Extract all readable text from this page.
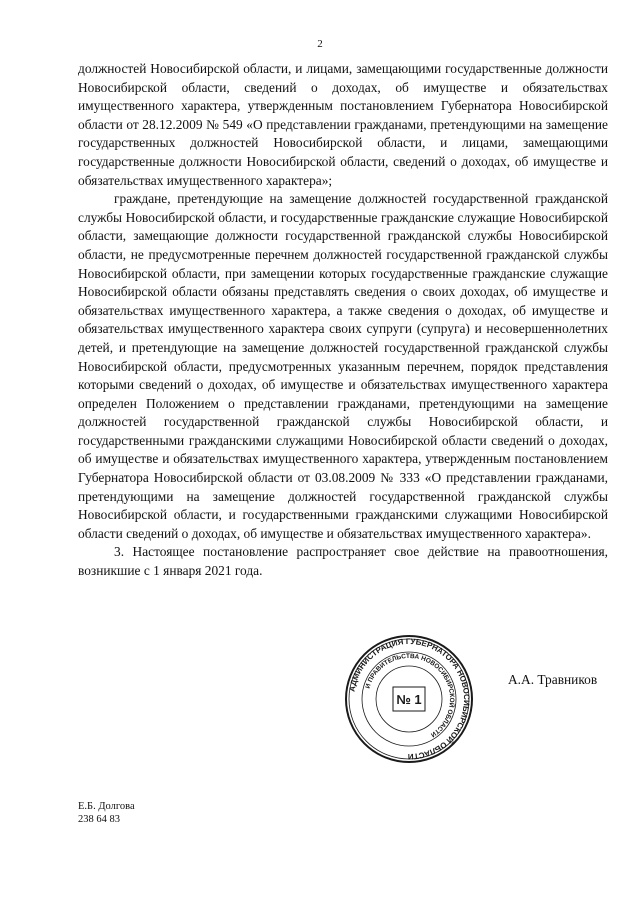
2

должностей Новосибирской области, и лицами, замещающими государственные должности Новосибирской области, сведений о доходах, об имуществе и обязательствах имущественного характера, утвержденным постановлением Губернатора Новосибирской области от 28.12.2009 № 549 «О представлении гражданами, претендующими на замещение государственных должностей Новосибирской области, и лицами, замещающими государственные должности Новосибирской области, сведений о доходах, об имуществе и обязательствах имущественного характера»;

граждане, претендующие на замещение должностей государственной гражданской службы Новосибирской области, и государственные гражданские служащие Новосибирской области, замещающие должности государственной гражданской службы Новосибирской области, не предусмотренные перечнем должностей государственной гражданской службы Новосибирской области, при замещении которых государственные гражданские служащие Новосибирской области обязаны представлять сведения о своих доходах, об имуществе и обязательствах имущественного характера, а также сведения о доходах, об имуществе и обязательствах имущественного характера своих супруги (супруга) и несовершеннолетних детей, и претендующие на замещение должностей государственной гражданской службы Новосибирской области, предусмотренных указанным перечнем, порядок представления которыми сведений о доходах, об имуществе и обязательствах имущественного характера определен Положением о представлении гражданами, претендующими на замещение должностей государственной гражданской службы Новосибирской области, и государственными гражданскими служащими Новосибирской области сведений о доходах, об имуществе и обязательствах имущественного характера, утвержденным постановлением Губернатора Новосибирской области от 03.08.2009 № 333 «О представлении гражданами, претендующими на замещение должностей государственной гражданской службы Новосибирской области, и государственными гражданскими служащими Новосибирской области сведений о доходах, об имуществе и обязательствах имущественного характера».

3. Настоящее постановление распространяет свое действие на правоотношения, возникшие с 1 января 2021 года.

АДМИНИСТРАЦИЯ ГУБЕРНАТОРА НОВОСИБИРСКОЙ ОБЛАСТИ
И ПРАВИТЕЛЬСТВА НОВОСИБИРСКОЙ ОБЛАСТИ
№ 1
А.А. Травников
Е.Б. Долгова
238 64 83
